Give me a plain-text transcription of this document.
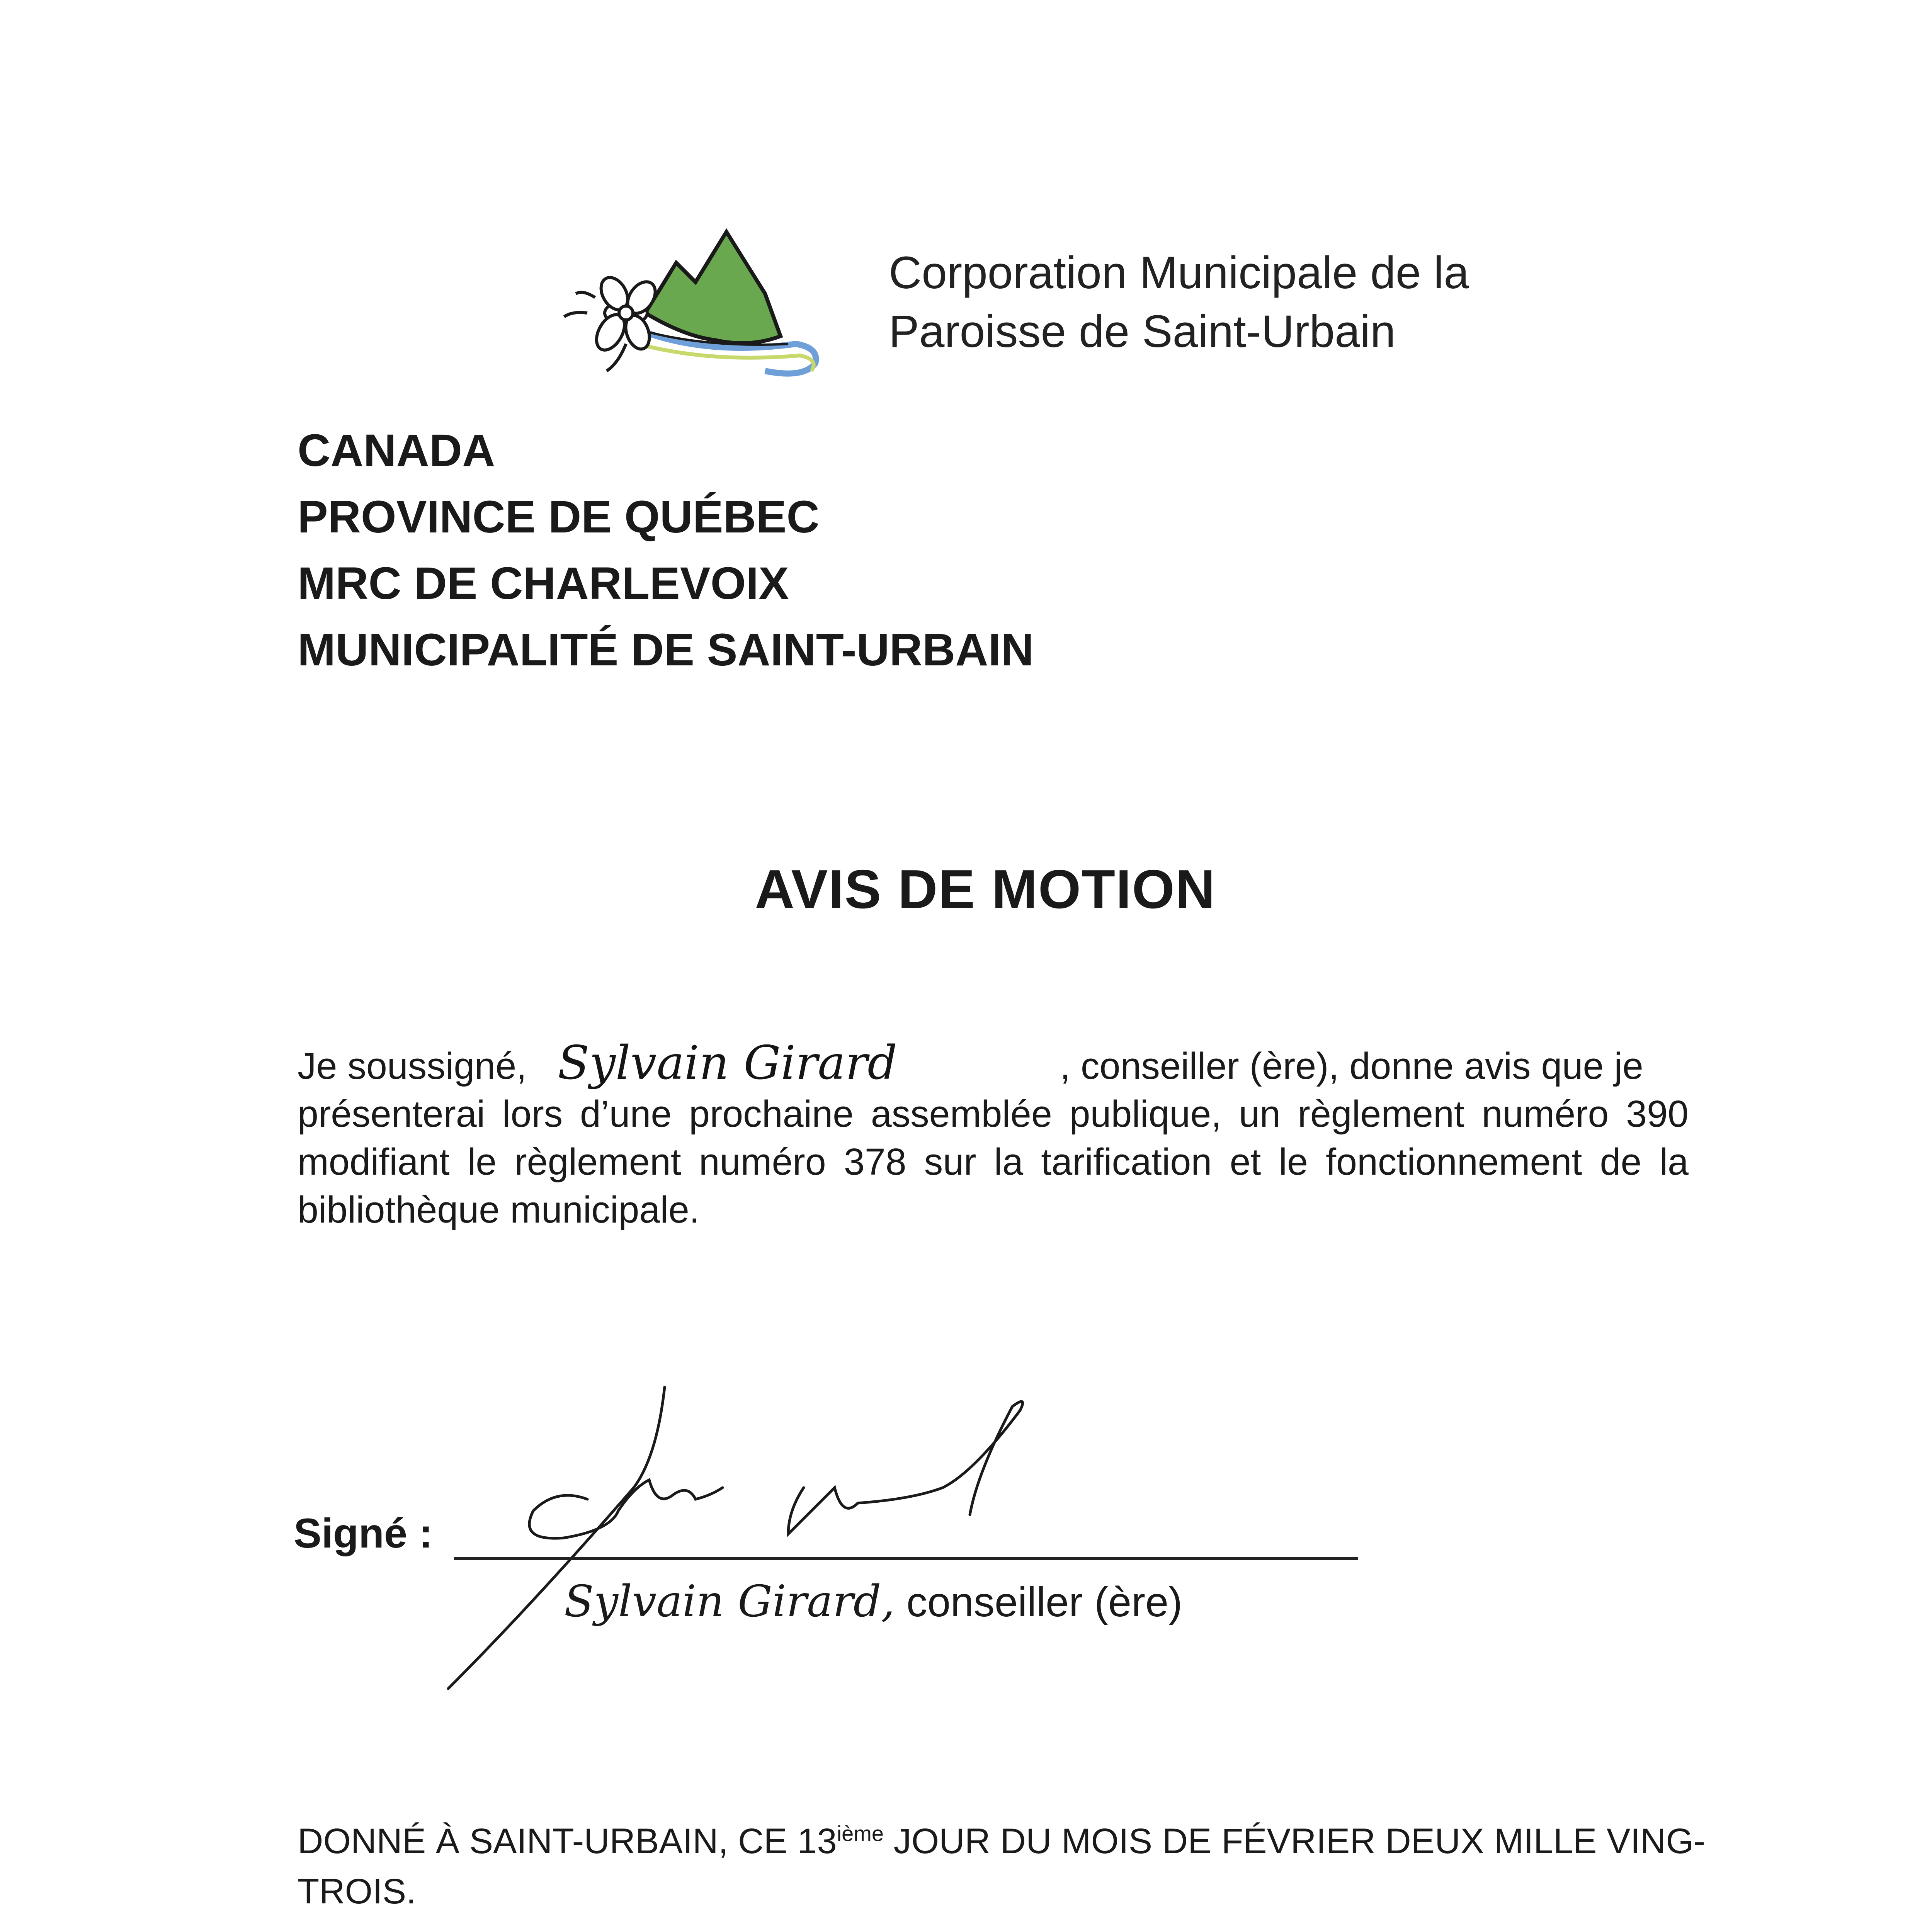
Corporation Municipale de la
Paroisse de Saint-Urbain
CANADA
PROVINCE DE QUÉBEC
MRC DE CHARLEVOIX
MUNICIPALITÉ DE SAINT-URBAIN
AVIS DE MOTION
Je soussigné, Sylvain Girard	, conseiller (ère), donne avis que je
présenterai lors d’une prochaine assemblée publique, un règlement numéro 390
modifiant le règlement numéro 378 sur la tarification et le fonctionnement de la
bibliothèque municipale.
Signé :
Sylvain Girard, conseiller (ère)
DONNÉ À SAINT-URBAIN, CE 13ième JOUR DU MOIS DE FÉVRIER DEUX MILLE VING-
TROIS.
